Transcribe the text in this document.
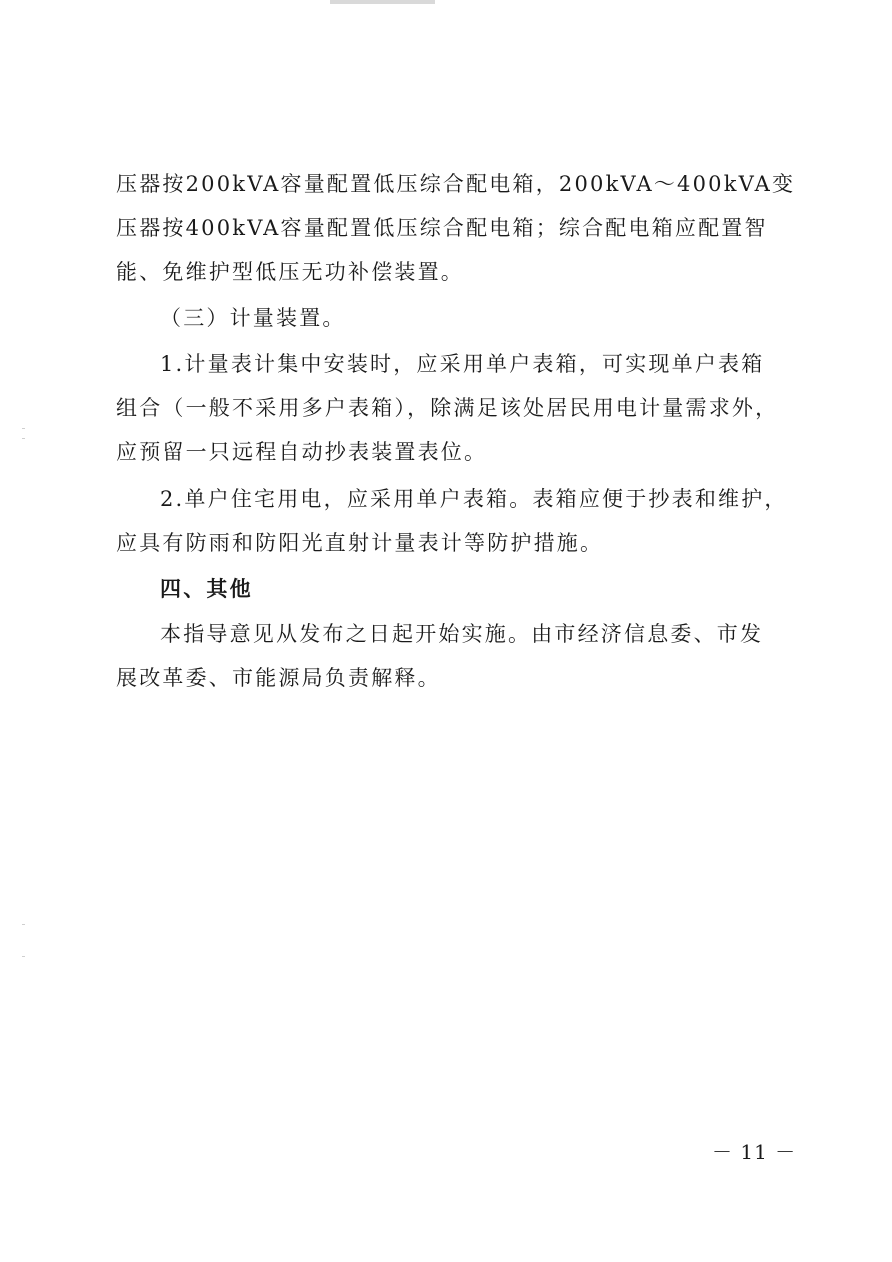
压器按200kVA容量配置低压综合配电箱，200kVA～400kVA变
压器按400kVA容量配置低压综合配电箱；综合配电箱应配置智
能、免维护型低压无功补偿装置。
（三）计量装置。
1.计量表计集中安装时，应采用单户表箱，可实现单户表箱
组合（一般不采用多户表箱），除满足该处居民用电计量需求外，
应预留一只远程自动抄表装置表位。
2.单户住宅用电，应采用单户表箱。表箱应便于抄表和维护，
应具有防雨和防阳光直射计量表计等防护措施。
四、其他
本指导意见从发布之日起开始实施。由市经济信息委、市发
展改革委、市能源局负责解释。
－ 11 －
